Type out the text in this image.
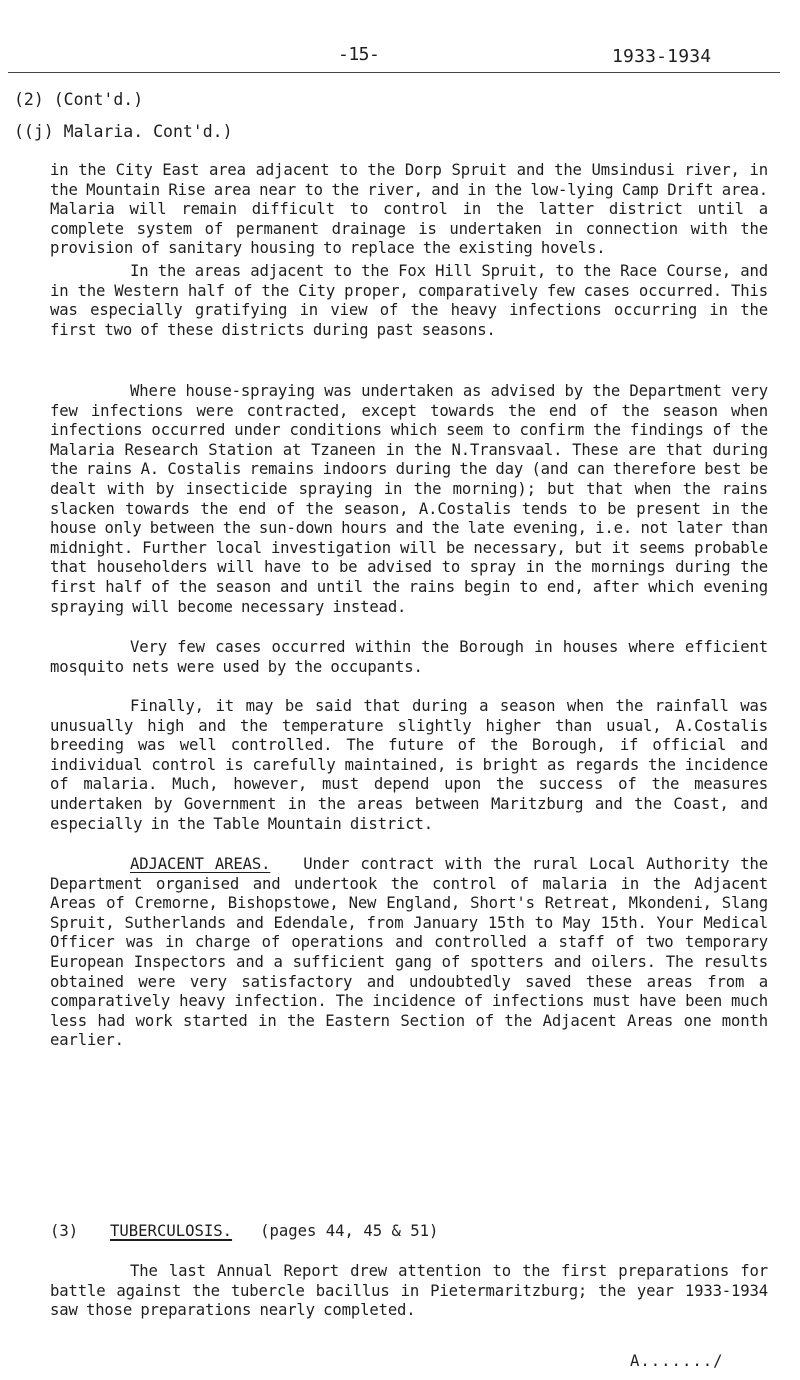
-15-	1933-1934
(2) (Cont'd.)
((j) Malaria. Cont'd.)

in the City East area adjacent to the Dorp Spruit and the Umsindusi river, in the Mountain Rise area near to the river, and in the low-lying Camp Drift area. Malaria will remain difficult to control in the latter district until a complete system of permanent drainage is undertaken in connection with the provision of sanitary housing to replace the existing hovels.

In the areas adjacent to the Fox Hill Spruit, to the Race Course, and in the Western half of the City proper, comparatively few cases occurred. This was especially gratifying in view of the heavy infections occurring in the first two of these districts during past seasons.

Where house-spraying was undertaken as advised by the Department very few infections were contracted, except towards the end of the season when infections occurred under conditions which seem to confirm the findings of the Malaria Research Station at Tzaneen in the N.Transvaal. These are that during the rains A. Costalis remains indoors during the day (and can therefore best be dealt with by insecticide spraying in the morning); but that when the rains slacken towards the end of the season, A.Costalis tends to be present in the house only between the sun-down hours and the late evening, i.e. not later than midnight. Further local investigation will be necessary, but it seems probable that householders will have to be advised to spray in the mornings during the first half of the season and until the rains begin to end, after which evening spraying will become necessary instead.

Very few cases occurred within the Borough in houses where efficient mosquito nets were used by the occupants.

Finally, it may be said that during a season when the rainfall was unusually high and the temperature slightly higher than usual, A.Costalis breeding was well controlled. The future of the Borough, if official and individual control is carefully maintained, is bright as regards the incidence of malaria. Much, however, must depend upon the success of the measures undertaken by Government in the areas between Maritzburg and the Coast, and especially in the Table Mountain district.

ADJACENT AREAS. Under contract with the rural Local Authority the Department organised and undertook the control of malaria in the Adjacent Areas of Cremorne, Bishopstowe, New England, Short's Retreat, Mkondeni, Slang Spruit, Sutherlands and Edendale, from January 15th to May 15th. Your Medical Officer was in charge of operations and controlled a staff of two temporary European Inspectors and a sufficient gang of spotters and oilers. The results obtained were very satisfactory and undoubtedly saved these areas from a comparatively heavy infection. The incidence of infections must have been much less had work started in the Eastern Section of the Adjacent Areas one month earlier.

(3) TUBERCULOSIS. (pages 44, 45 & 51)

The last Annual Report drew attention to the first preparations for battle against the tubercle bacillus in Pietermaritzburg; the year 1933-1934 saw those preparations nearly completed.

A......./
